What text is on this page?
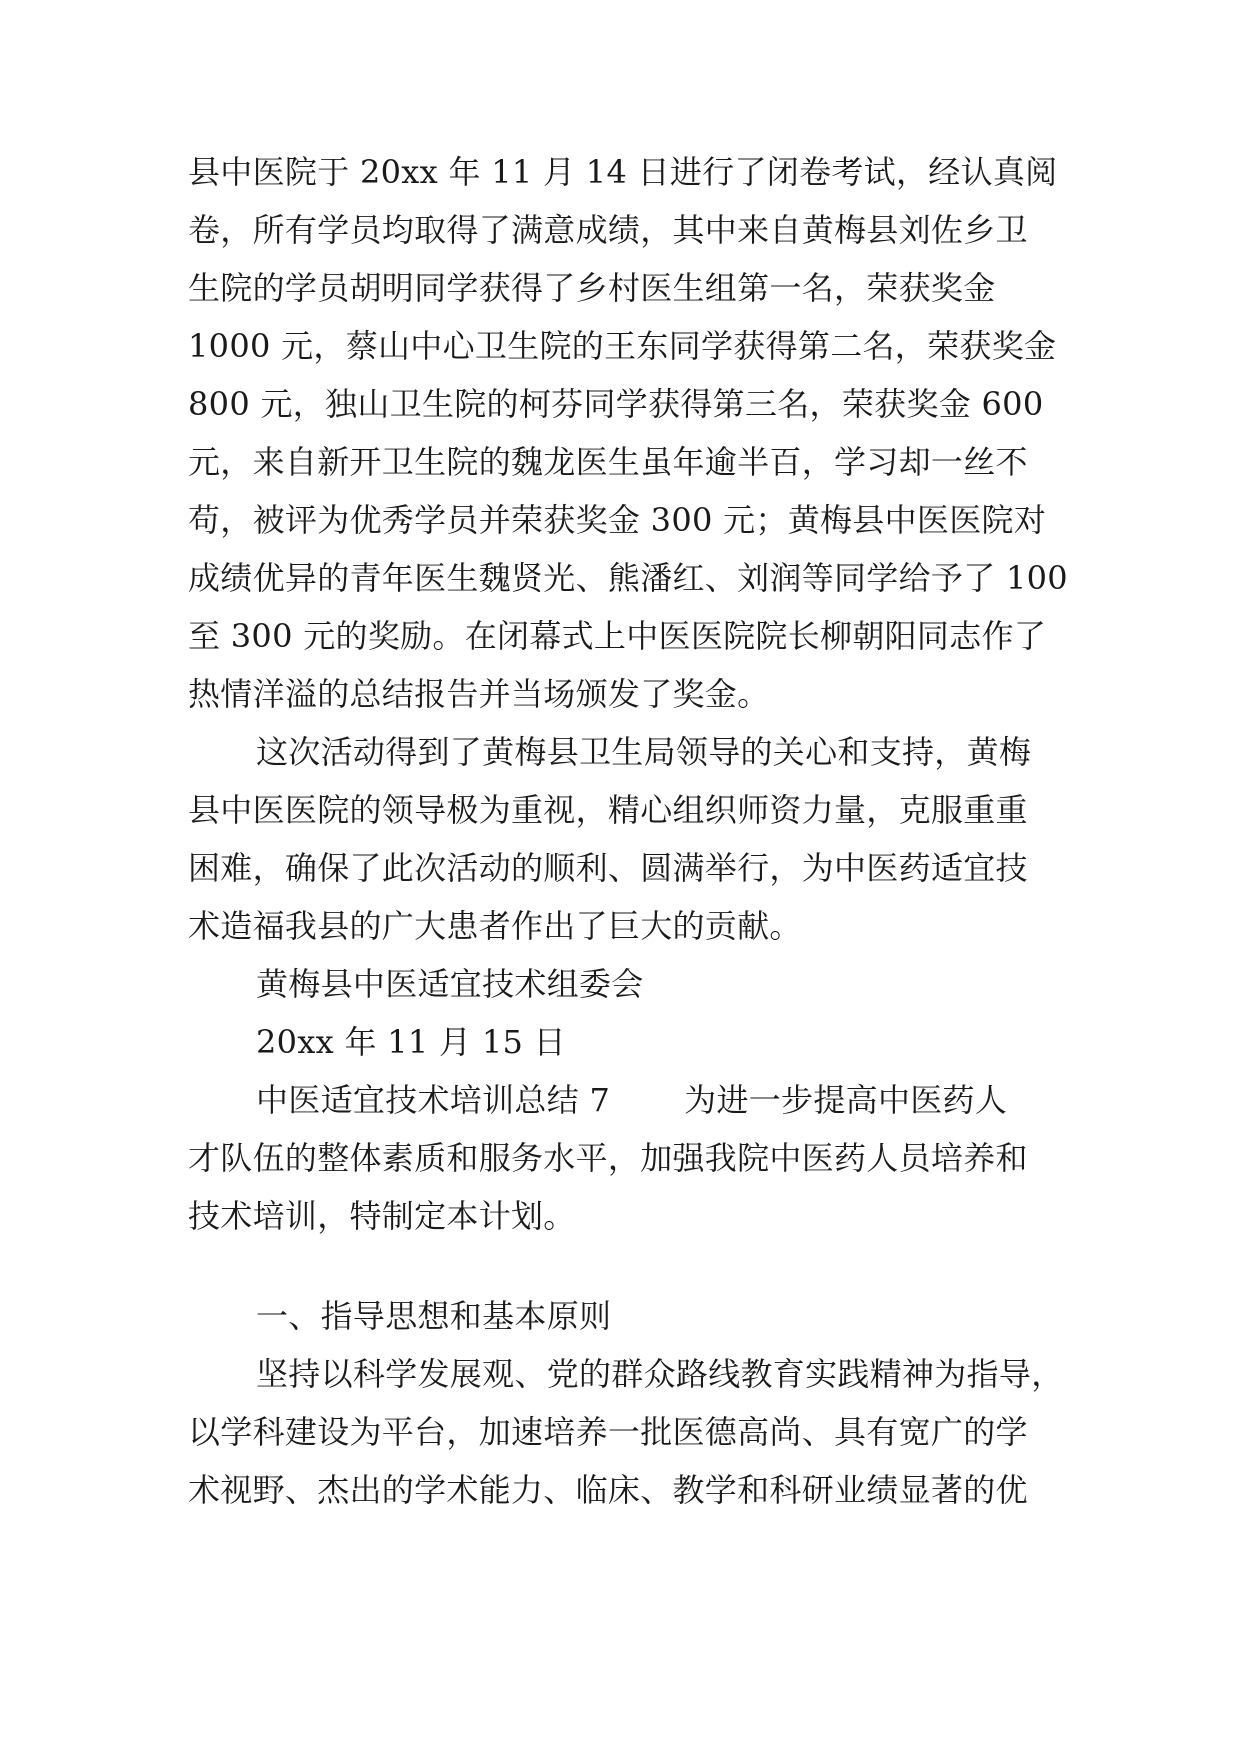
县中医院于 20xx 年 11 月 14 日进行了闭卷考试，经认真阅
卷，所有学员均取得了满意成绩，其中来自黄梅县刘佐乡卫
生院的学员胡明同学获得了乡村医生组第一名，荣获奖金
1000 元，蔡山中心卫生院的王东同学获得第二名，荣获奖金
800 元，独山卫生院的柯芬同学获得第三名，荣获奖金 600
元，来自新开卫生院的魏龙医生虽年逾半百，学习却一丝不
苟，被评为优秀学员并荣获奖金 300 元；黄梅县中医医院对
成绩优异的青年医生魏贤光、熊潘红、刘润等同学给予了 100
至 300 元的奖励。在闭幕式上中医医院院长柳朝阳同志作了
热情洋溢的总结报告并当场颁发了奖金。
这次活动得到了黄梅县卫生局领导的关心和支持，黄梅
县中医医院的领导极为重视，精心组织师资力量，克服重重
困难，确保了此次活动的顺利、圆满举行，为中医药适宜技
术造福我县的广大患者作出了巨大的贡献。
黄梅县中医适宜技术组委会
20xx 年 11 月 15 日
中医适宜技术培训总结 7 为进一步提高中医药人
才队伍的整体素质和服务水平，加强我院中医药人员培养和
技术培训，特制定本计划。
一、指导思想和基本原则
坚持以科学发展观、党的群众路线教育实践精神为指导，
以学科建设为平台，加速培养一批医德高尚、具有宽广的学
术视野、杰出的学术能力、临床、教学和科研业绩显著的优
